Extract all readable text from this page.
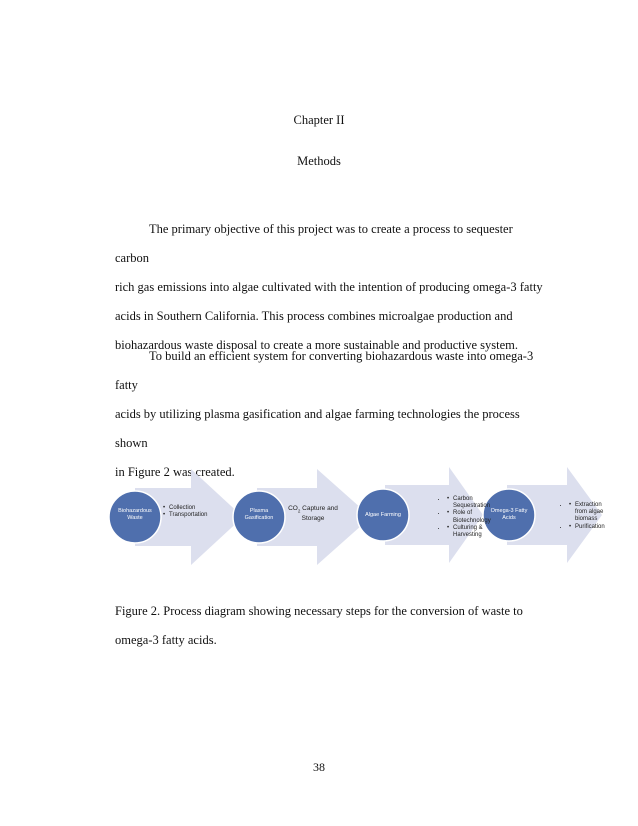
Chapter II
Methods
The primary objective of this project was to create a process to sequester carbon
rich gas emissions into algae cultivated with the intention of producing omega-3 fatty
acids in Southern California. This process combines microalgae production and
biohazardous waste disposal to create a more sustainable and productive system.
To build an efficient system for converting biohazardous waste into omega-3 fatty
acids by utilizing plasma gasification and algae farming technologies the process shown
in Figure 2 was created.
Biohazardous Waste
• Collection
• Transportation
Plasma Gasification
$CO_2$ Capture and Storage	Algae Farming
• • Carbon Sequestration
• • Role of Biotechnology
• • Culturing & Harvesting
Omega-3 Fatty Acids
• • Extraction from algae biomass
• • Purification
Figure 2. Process diagram showing necessary steps for the conversion of waste to
omega-3 fatty acids.
38
